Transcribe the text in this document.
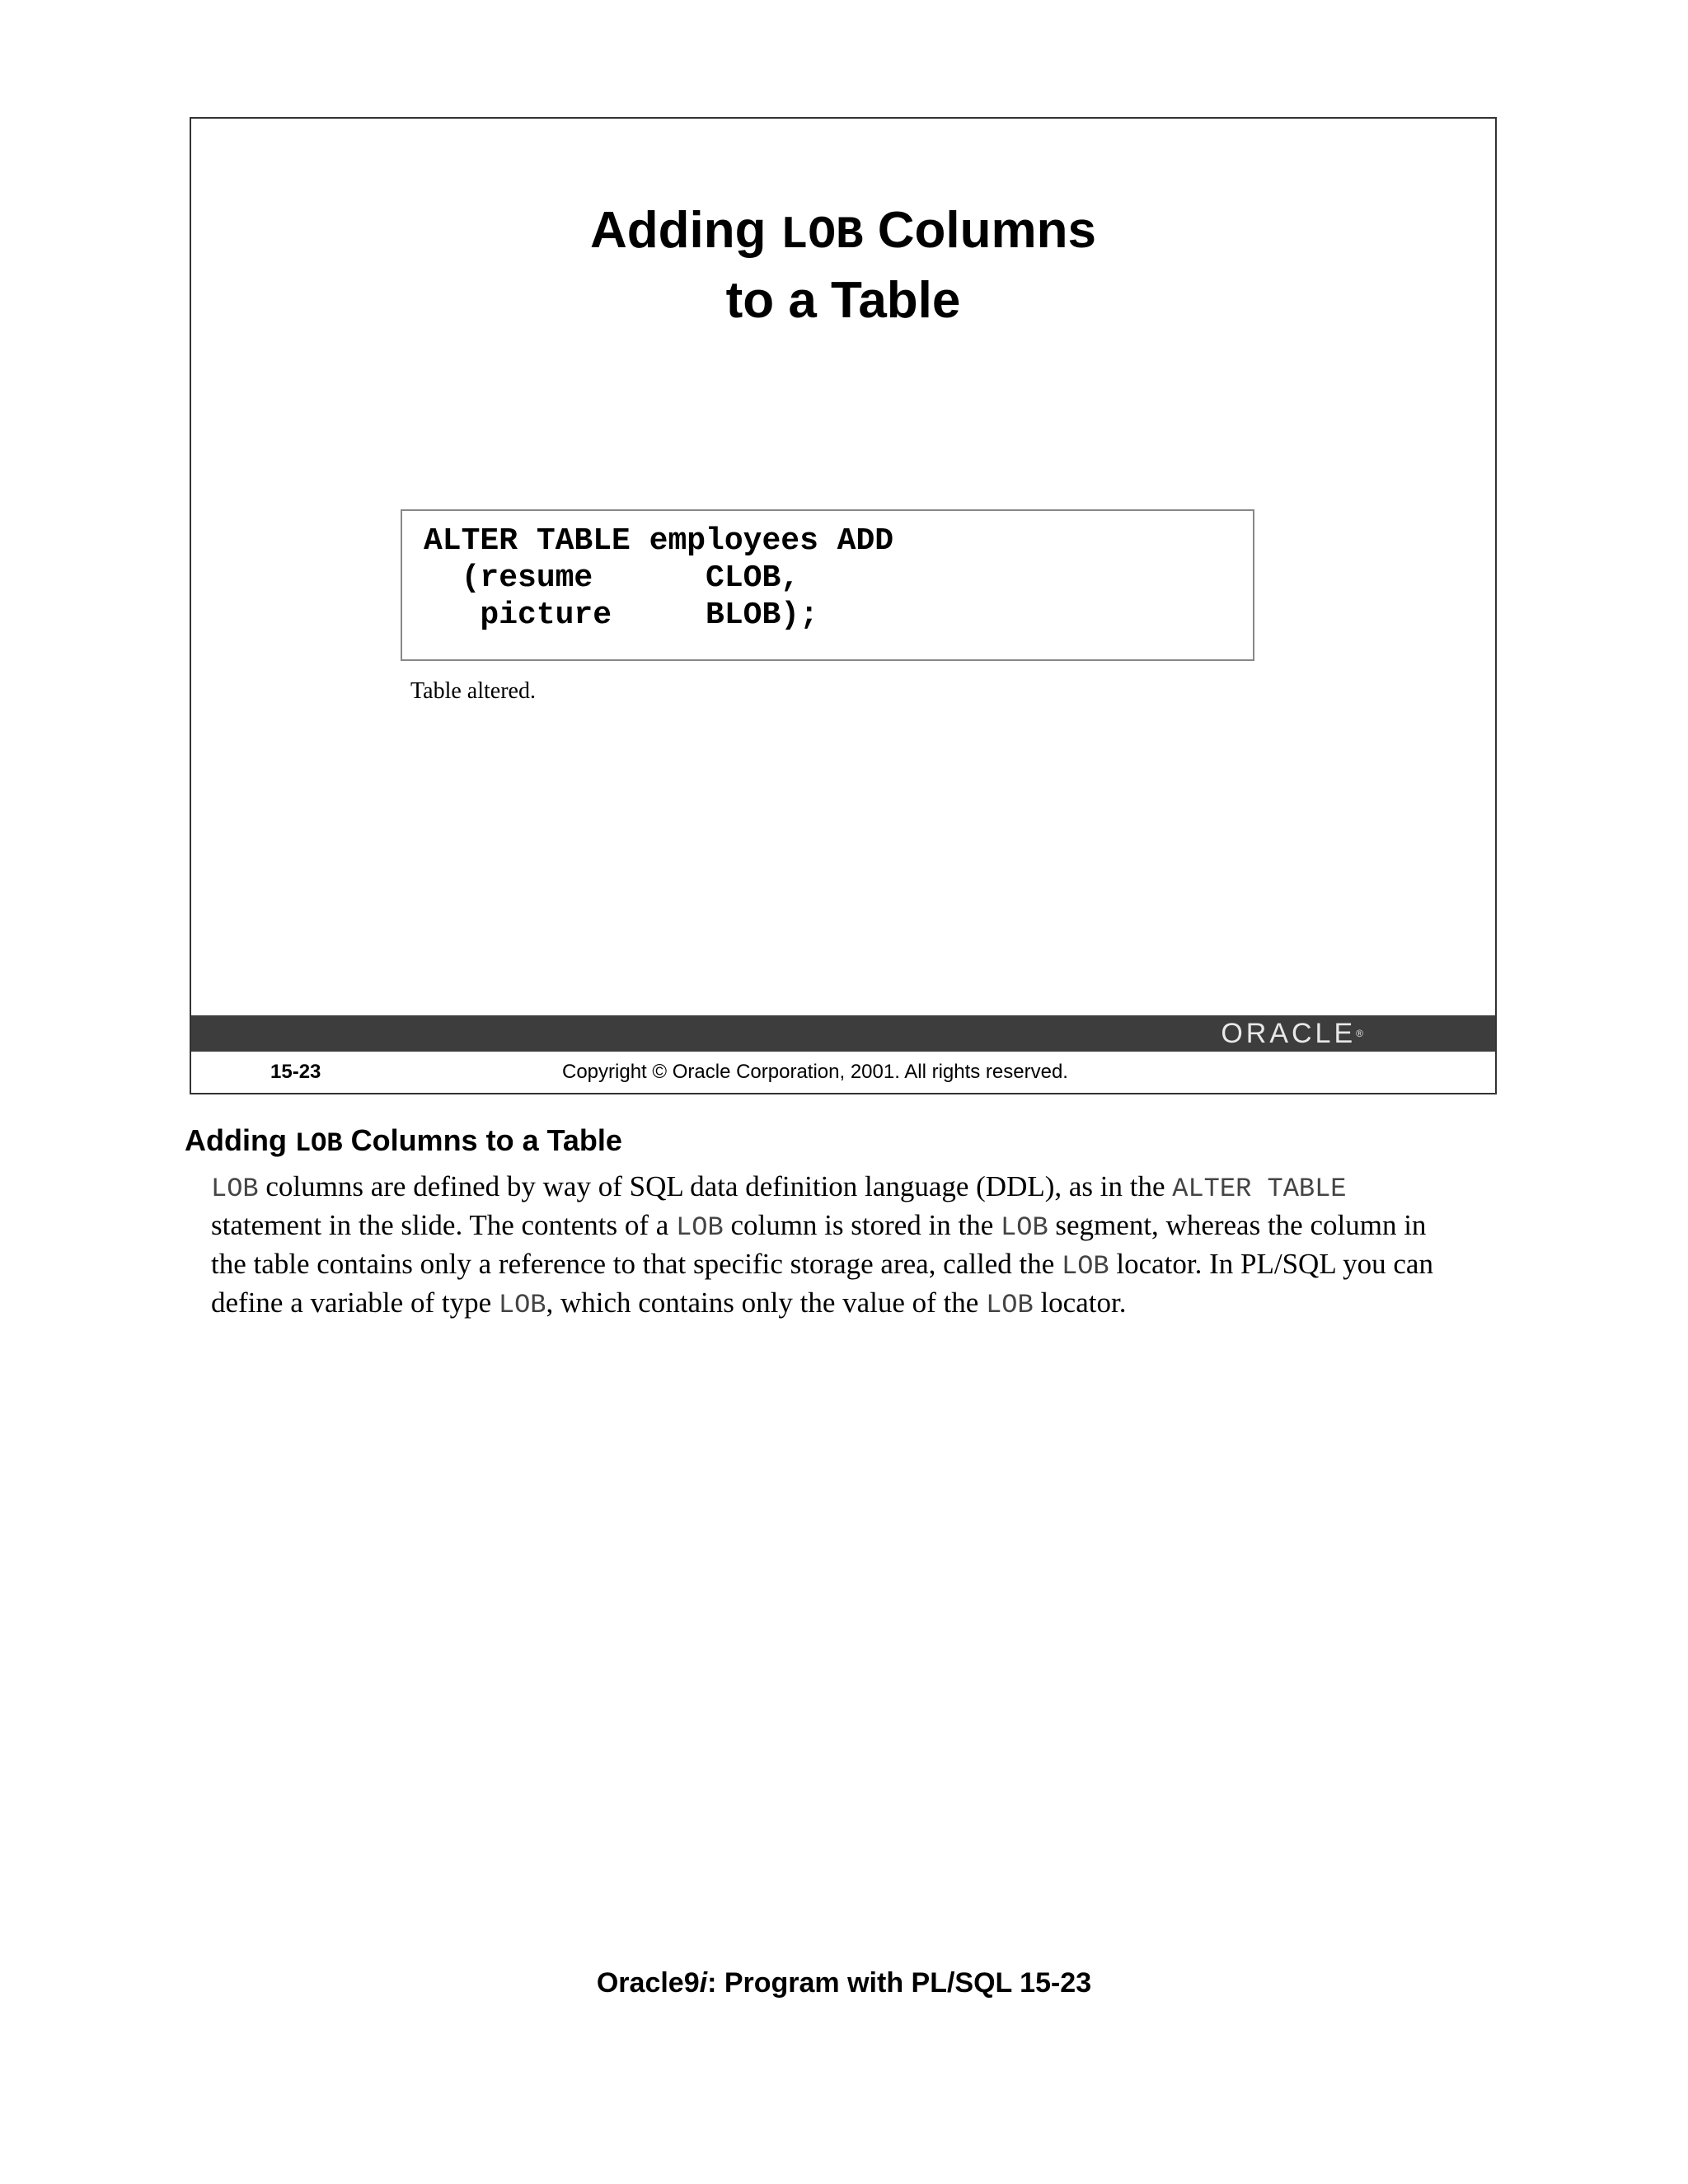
Adding LOB Columns
to a Table
ALTER TABLE employees ADD
(resume      CLOB,
picture     BLOB);
Table altered.
ORACLE®
15-23	Copyright © Oracle Corporation, 2001. All rights reserved.
Adding LOB Columns to a Table
LOB columns are defined by way of SQL data definition language (DDL), as in the ALTER TABLE
statement in the slide. The contents of a LOB column is stored in the LOB segment, whereas the column in
the table contains only a reference to that specific storage area, called the LOB locator. In PL/SQL you can
define a variable of type LOB, which contains only the value of the LOB locator.
Oracle9i: Program with PL/SQL 15-23
